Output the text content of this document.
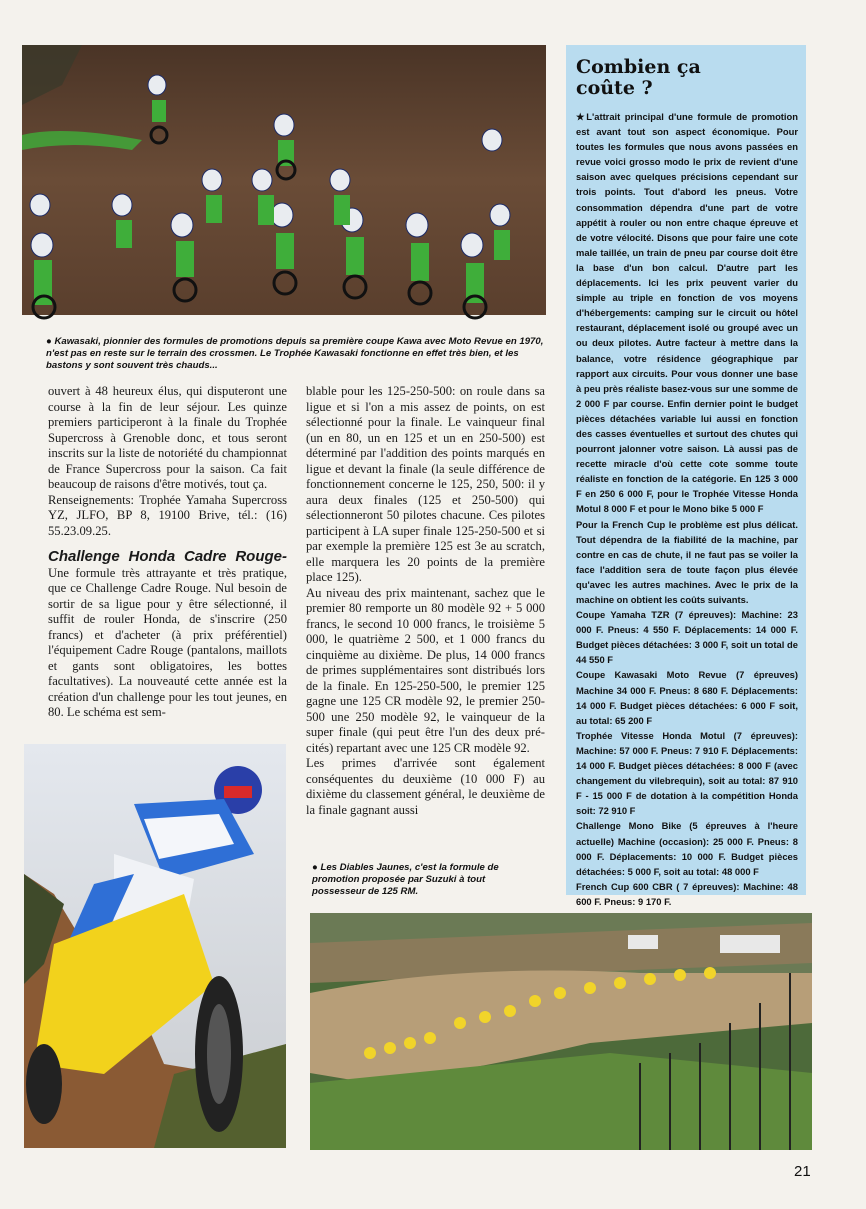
Combien ça
coûte ?

★L'attrait principal d'une formule de promotion est avant tout son aspect économique. Pour toutes les formules que nous avons passées en revue voici grosso modo le prix de revient d'une saison avec quelques précisions cependant sur trois points. Tout d'abord les pneus. Votre consommation dépendra d'une part de votre appétit à rouler ou non entre chaque épreuve et de votre vélocité. Disons que pour faire une cote male taillée, un train de pneu par course doit être la base d'un bon calcul. D'autre part les déplacements. Ici les prix peuvent varier du simple au triple en fonction de vos moyens d'hébergements: camping sur le circuit ou hôtel restaurant, déplacement isolé ou groupé avec un ou deux pilotes. Autre facteur à mettre dans la balance, votre résidence géographique par rapport aux circuits. Pour vous donner une base à peu près réaliste basez-vous sur une somme de 2 000 F par course. Enfin dernier point le budget pièces détachées variable lui aussi en fonction des casses éventuelles et surtout des chutes qui pourront jalonner votre saison. Là aussi pas de recette miracle d'où cette cote somme toute réaliste en fonction de la catégorie. En 125 3 000 F en 250 6 000 F, pour le Trophée Vitesse Honda Motul 8 000 F et pour le Mono bike 5 000 F

Pour la French Cup le problème est plus délicat. Tout dépendra de la fiabilité de la machine, par contre en cas de chute, il ne faut pas se voiler la face l'addition sera de toute façon plus élevée qu'avec les autres machines. Avec le prix de la machine on obtient les coûts suivants.

Coupe Yamaha TZR (7 épreuves): Machine: 23 000 F. Pneus: 4 550 F. Déplacements: 14 000 F. Budget pièces détachées: 3 000 F, soit un total de 44 550 F

Coupe Kawasaki Moto Revue (7 épreuves) Machine 34 000 F. Pneus: 8 680 F. Déplacements: 14 000 F. Budget pièces détachées: 6 000 F soit, au total: 65 200 F

Trophée Vitesse Honda Motul (7 épreuves): Machine: 57 000 F. Pneus: 7 910 F. Déplacements: 14 000 F. Budget pièces détachées: 8 000 F (avec changement du vilebrequin), soit au total: 87 910 F - 15 000 F de dotation à la compétition Honda soit: 72 910 F

Challenge Mono Bike (5 épreuves à l'heure actuelle) Machine (occasion): 25 000 F. Pneus: 8 000 F. Déplacements: 10 000 F. Budget pièces détachées: 5 000 F, soit au total: 48 000 F

French Cup 600 CBR ( 7 épreuves): Machine: 48 600 F. Pneus: 9 170 F.

● Kawasaki, pionnier des formules de promotions depuis sa première coupe Kawa avec Moto Revue en 1970, n'est pas en reste sur le terrain des crossmen. Le Trophée Kawasaki fonctionne en effet très bien, et les bastons y sont souvent très chauds...

ouvert à 48 heureux élus, qui disputeront une course à la fin de leur séjour. Les quinze premiers participeront à la finale du Trophée Supercross à Grenoble donc, et tous seront inscrits sur la liste de notoriété du championnat de France Supercross pour la saison. Ca fait beaucoup de raisons d'être motivés, tout ça.

Renseignements: Trophée Yamaha Supercross YZ, JLFO, BP 8, 19100 Brive, tél.: (16) 55.23.09.25.

Challenge Honda Cadre Rouge- Une formule très attrayante et très pratique, que ce Challenge Cadre Rouge. Nul besoin de sortir de sa ligue pour y être sélectionné, il suffit de rouler Honda, de s'inscrire (250 francs) et d'acheter (à prix préférentiel) l'équipement Cadre Rouge (pantalons, maillots et gants sont obligatoires, les bottes facultatives). La nouveauté cette année est la création d'un challenge pour les tout jeunes, en 80. Le schéma est sem-

blable pour les 125-250-500: on roule dans sa ligue et si l'on a mis assez de points, on est sélectionné pour la finale. Le vainqueur final (un en 80, un en 125 et un en 250-500) est déterminé par l'addition des points marqués en ligue et devant la finale (la seule différence de fonctionnement concerne le 125, 250, 500: il y aura deux finales (125 et 250-500) qui sélectionneront 50 pilotes chacune. Ces pilotes participent à LA super finale 125-250-500 et si par exemple la première 125 est 3e au scratch, elle marquera les 20 points de la première place 125).

Au niveau des prix maintenant, sachez que le premier 80 remporte un 80 modèle 92 + 5 000 francs, le second 10 000 francs, le troisième 5 000, le quatrième 2 500, et 1 000 francs du cinquième au dixième. De plus, 14 000 francs de primes supplémentaires sont distribués lors de la finale. En 125-250-500, le premier 125 gagne une 125 CR modèle 92, le premier 250-500 une 250 modèle 92, le vainqueur de la super finale (qui peut être l'un des deux pré-cités) repartant avec une 125 CR modèle 92.

Les primes d'arrivée sont également conséquentes du deuxième (10 000 F) au dixième du classement général, le deuxième de la finale gagnant aussi

● Les Diables Jaunes, c'est la formule de promotion proposée par Suzuki à tout possesseur de 125 RM.

21
